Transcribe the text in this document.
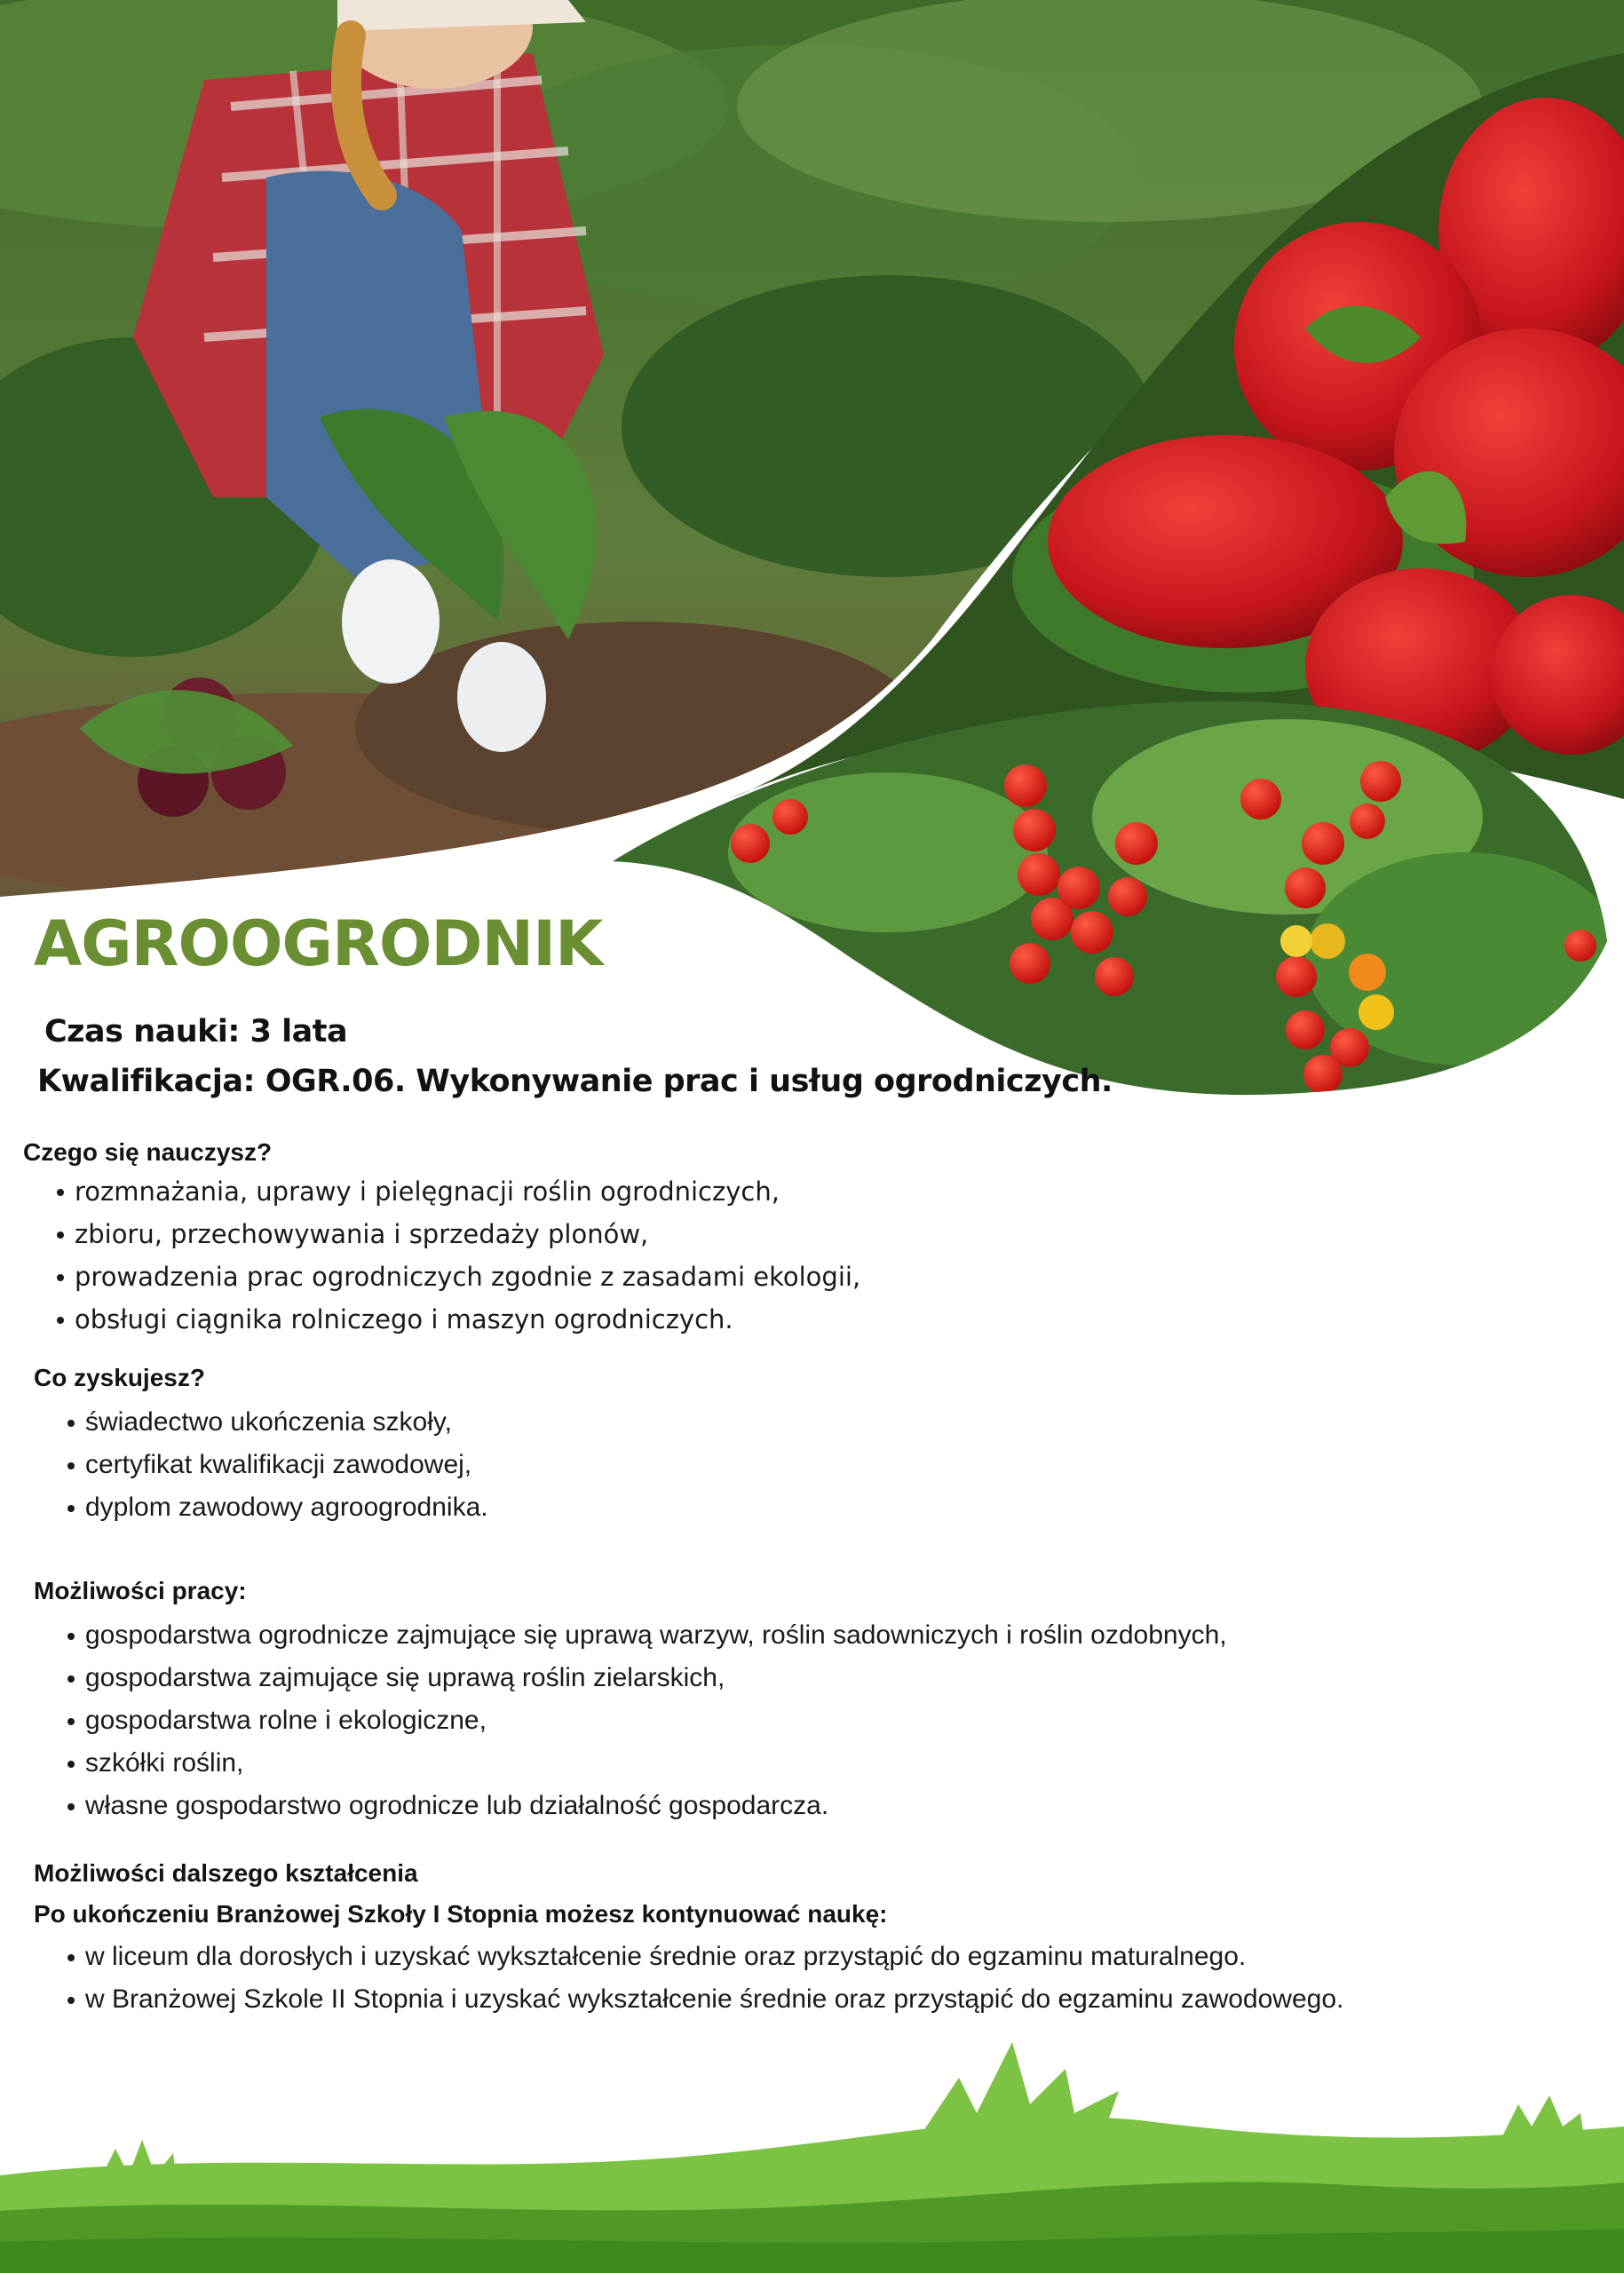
AGROOGRODNIK
Czas nauki: 3 lata
Kwalifikacja: OGR.06. Wykonywanie prac i usług ogrodniczych.
Czego się nauczysz?
rozmnażania, uprawy i pielęgnacji roślin ogrodniczych,
zbioru, przechowywania i sprzedaży plonów,
prowadzenia prac ogrodniczych zgodnie z zasadami ekologii,
obsługi ciągnika rolniczego i maszyn ogrodniczych.
Co zyskujesz?
świadectwo ukończenia szkoły,
certyfikat kwalifikacji zawodowej,
dyplom zawodowy agroogrodnika.
Możliwości pracy:
gospodarstwa ogrodnicze zajmujące się uprawą warzyw, roślin sadowniczych i roślin ozdobnych,
gospodarstwa zajmujące się uprawą roślin zielarskich,
gospodarstwa rolne i ekologiczne,
szkółki roślin,
własne gospodarstwo ogrodnicze lub działalność gospodarcza.
Możliwości dalszego kształcenia
Po ukończeniu Branżowej Szkoły I Stopnia możesz kontynuować naukę:
w liceum dla dorosłych i uzyskać wykształcenie średnie oraz przystąpić do egzaminu maturalnego.
w Branżowej Szkole II Stopnia i uzyskać wykształcenie średnie oraz przystąpić do egzaminu zawodowego.
